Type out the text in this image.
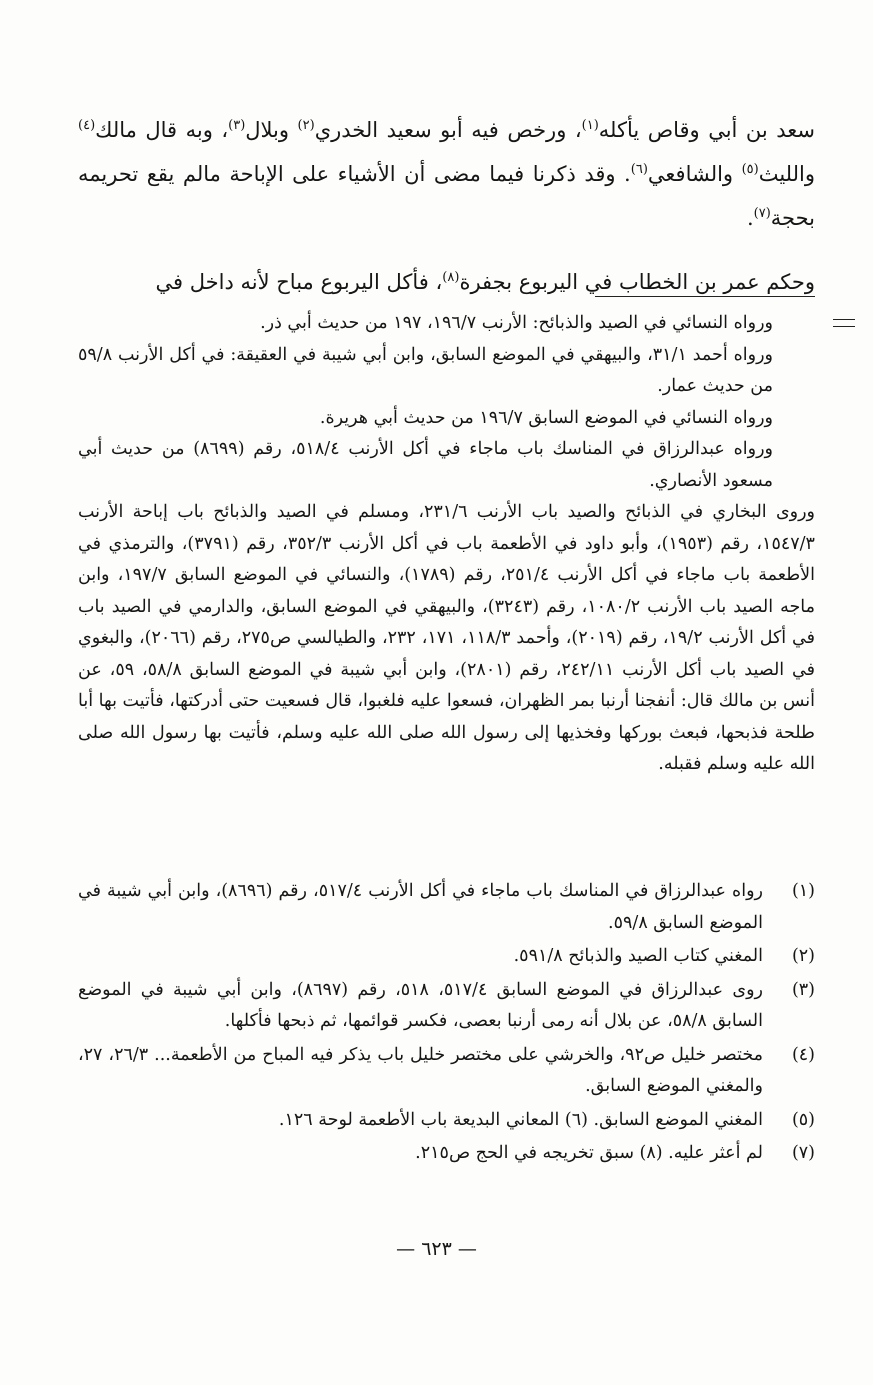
سعد بن أبي وقاص يأكله$^{(١)}$، ورخص فيه أبو سعيد الخدري$^{(٢)}$ وبلال$^{(٣)}$، وبه قال مالك$^{(٤)}$ والليث$^{(٥)}$ والشافعي$^{(٦)}$. وقد ذكرنا فيما مضى أن الأشياء على الإباحة مالم يقع تحريمه بحجة$^{(٧)}$.

وحكم عمر بن الخطاب في اليربوع بجفرة$^{(٨)}$، فأكل اليربوع مباح لأنه داخل في

ورواه النسائي في الصيد والذبائح: الأرنب ١٩٦/٧، ١٩٧ من حديث أبي ذر.

ورواه أحمد ٣١/١، والبيهقي في الموضع السابق، وابن أبي شيبة في العقيقة: في أكل الأرنب ٥٩/٨ من حديث عمار.

ورواه النسائي في الموضع السابق ١٩٦/٧ من حديث أبي هريرة.

ورواه عبدالرزاق في المناسك باب ماجاء في أكل الأرنب ٥١٨/٤، رقم (٨٦٩٩) من حديث أبي مسعود الأنصاري.

وروى البخاري في الذبائح والصيد باب الأرنب ٢٣١/٦، ومسلم في الصيد والذبائح باب إباحة الأرنب ١٥٤٧/٣، رقم (١٩٥٣)، وأبو داود في الأطعمة باب في أكل الأرنب ٣٥٢/٣، رقم (٣٧٩١)، والترمذي في الأطعمة باب ماجاء في أكل الأرنب ٢٥١/٤، رقم (١٧٨٩)، والنسائي في الموضع السابق ١٩٧/٧، وابن ماجه الصيد باب الأرنب ١٠٨٠/٢، رقم (٣٢٤٣)، والبيهقي في الموضع السابق، والدارمي في الصيد باب في أكل الأرنب ١٩/٢، رقم (٢٠١٩)، وأحمد ١١٨/٣، ١٧١، ٢٣٢، والطيالسي ص٢٧٥، رقم (٢٠٦٦)، والبغوي في الصيد باب أكل الأرنب ٢٤٢/١١، رقم (٢٨٠١)، وابن أبي شيبة في الموضع السابق ٥٨/٨، ٥٩، عن أنس بن مالك قال: أنفجنا أرنبا بمر الظهران، فسعوا عليه فلغبوا، قال فسعيت حتى أدركتها، فأتيت بها أبا طلحة فذبحها، فبعث بوركها وفخذيها إلى رسول الله صلى الله عليه وسلم، فأتيت بها رسول الله صلى الله عليه وسلم فقبله.

(١)
رواه عبدالرزاق في المناسك باب ماجاء في أكل الأرنب ٥١٧/٤، رقم (٨٦٩٦)، وابن أبي شيبة في الموضع السابق ٥٩/٨.
(٢)
المغني كتاب الصيد والذبائح ٥٩١/٨.
(٣)
روى عبدالرزاق في الموضع السابق ٥١٧/٤، ٥١٨، رقم (٨٦٩٧)، وابن أبي شيبة في الموضع السابق ٥٨/٨، عن بلال أنه رمى أرنبا بعصى، فكسر قوائمها، ثم ذبحها فأكلها.
(٤)
مختصر خليل ص٩٢، والخرشي على مختصر خليل باب يذكر فيه المباح من الأطعمة... ٢٦/٣، ٢٧، والمغني الموضع السابق.
(٥)
المغني الموضع السابق. (٦) المعاني البديعة باب الأطعمة لوحة ١٢٦.
(٧)
لم أعثر عليه. (٨) سبق تخريجه في الحج ص٢١٥.
— ٦٢٣ —
